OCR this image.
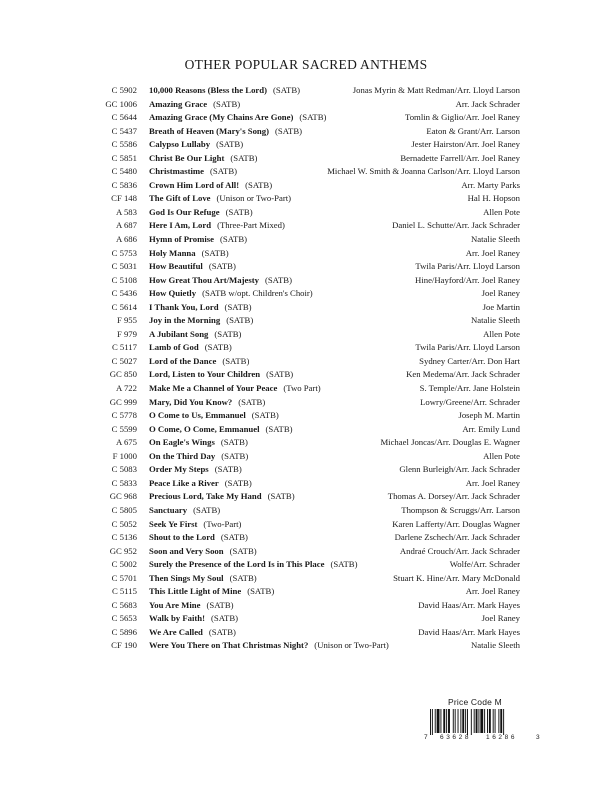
OTHER POPULAR SACRED ANTHEMS
C 5902 10,000 Reasons (Bless the Lord) (SATB)	Jonas Myrin & Matt Redman/Arr. Lloyd Larson
GC 1006 Amazing Grace (SATB)	Arr. Jack Schrader
C 5644 Amazing Grace (My Chains Are Gone) (SATB)	Tomlin & Giglio/Arr. Joel Raney
C 5437 Breath of Heaven (Mary's Song) (SATB)	Eaton & Grant/Arr. Larson
C 5586 Calypso Lullaby (SATB)	Jester Hairston/Arr. Joel Raney
C 5851 Christ Be Our Light (SATB)	Bernadette Farrell/Arr. Joel Raney
C 5480 Christmastime (SATB)	Michael W. Smith & Joanna Carlson/Arr. Lloyd Larson
C 5836 Crown Him Lord of All! (SATB)	Arr. Marty Parks
CF 148 The Gift of Love (Unison or Two-Part)	Hal H. Hopson
A 583 God Is Our Refuge (SATB)	Allen Pote
A 687 Here I Am, Lord (Three-Part Mixed)	Daniel L. Schutte/Arr. Jack Schrader
A 686 Hymn of Promise (SATB)	Natalie Sleeth
C 5753 Holy Manna (SATB)	Arr. Joel Raney
C 5031 How Beautiful (SATB)	Twila Paris/Arr. Lloyd Larson
C 5108 How Great Thou Art/Majesty (SATB)	Hine/Hayford/Arr. Joel Raney
C 5436 How Quietly (SATB w/opt. Children's Choir)	Joel Raney
C 5614 I Thank You, Lord (SATB)	Joe Martin
F 955 Joy in the Morning (SATB)	Natalie Sleeth
F 979 A Jubilant Song (SATB)	Allen Pote
C 5117 Lamb of God (SATB)	Twila Paris/Arr. Lloyd Larson
C 5027 Lord of the Dance (SATB)	Sydney Carter/Arr. Don Hart
GC 850 Lord, Listen to Your Children (SATB)	Ken Medema/Arr. Jack Schrader
A 722 Make Me a Channel of Your Peace (Two Part)	S. Temple/Arr. Jane Holstein
GC 999 Mary, Did You Know? (SATB)	Lowry/Greene/Arr. Schrader
C 5778 O Come to Us, Emmanuel (SATB)	Joseph M. Martin
C 5599 O Come, O Come, Emmanuel (SATB)	Arr. Emily Lund
A 675 On Eagle's Wings (SATB)	Michael Joncas/Arr. Douglas E. Wagner
F 1000 On the Third Day (SATB)	Allen Pote
C 5083 Order My Steps (SATB)	Glenn Burleigh/Arr. Jack Schrader
C 5833 Peace Like a River (SATB)	Arr. Joel Raney
GC 968 Precious Lord, Take My Hand (SATB)	Thomas A. Dorsey/Arr. Jack Schrader
C 5805 Sanctuary (SATB)	Thompson & Scruggs/Arr. Larson
C 5052 Seek Ye First (Two-Part)	Karen Lafferty/Arr. Douglas Wagner
C 5136 Shout to the Lord (SATB)	Darlene Zschech/Arr. Jack Schrader
GC 952 Soon and Very Soon (SATB)	Andraé Crouch/Arr. Jack Schrader
C 5002 Surely the Presence of the Lord Is in This Place (SATB)	Wolfe/Arr. Schrader
C 5701 Then Sings My Soul (SATB)	Stuart K. Hine/Arr. Mary McDonald
C 5115 This Little Light of Mine (SATB)	Arr. Joel Raney
C 5683 You Are Mine (SATB)	David Haas/Arr. Mark Hayes
C 5653 Walk by Faith! (SATB)	Joel Raney
C 5896 We Are Called (SATB)	David Haas/Arr. Mark Hayes
CF 190 Were You There on That Christmas Night? (Unison or Two-Part)	Natalie Sleeth
Price Code M
7 63628 16286	3
